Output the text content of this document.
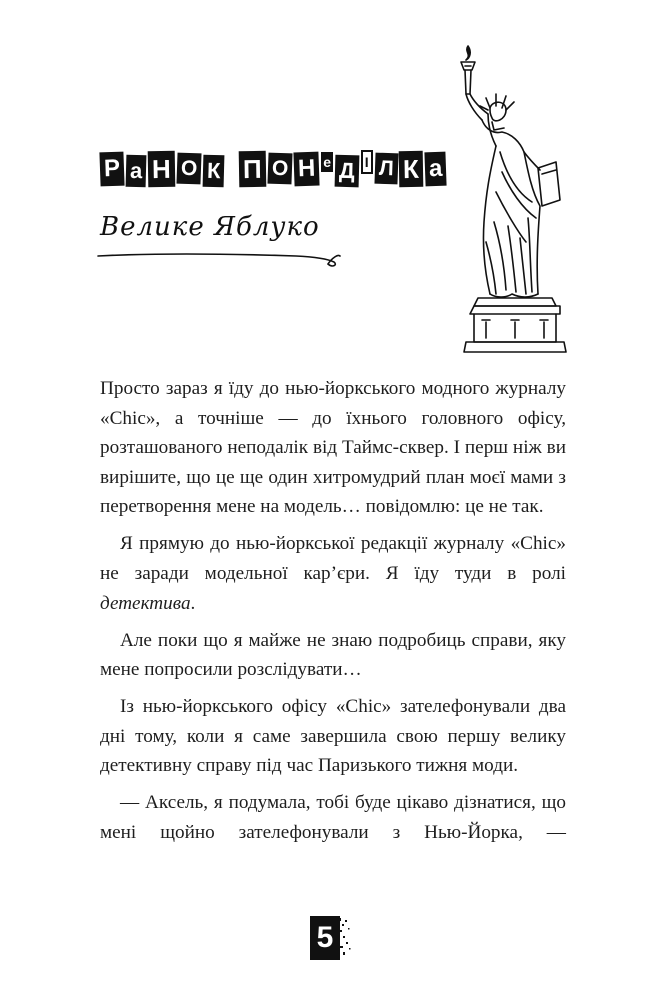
Р а Н О К П О Н е Д І Л К а
Велике Яблуко

Просто зараз я їду до нью-йоркського модного журналу «Chic», а точніше — до їхнього головного офісу, розташованого неподалік від Таймс-сквер. І перш ніж ви вирішите, що це ще один хитромудрий план моєї мами з перетворення мене на модель… повідомлю: це не так.

Я прямую до нью-йоркської редакції журналу «Chic» не заради модельної кар’єри. Я їду туди в ролі детектива.

Але поки що я майже не знаю подробиць справи, яку мене попросили розслідувати…

Із нью-йоркського офісу «Chic» зателефонували два дні тому, коли я саме завершила свою першу велику детективну справу під час Паризького тижня моди.

— Аксель, я подумала, тобі буде цікаво дізнатися, що мені щойно зателефонували з Нью-Йорка, —

5
